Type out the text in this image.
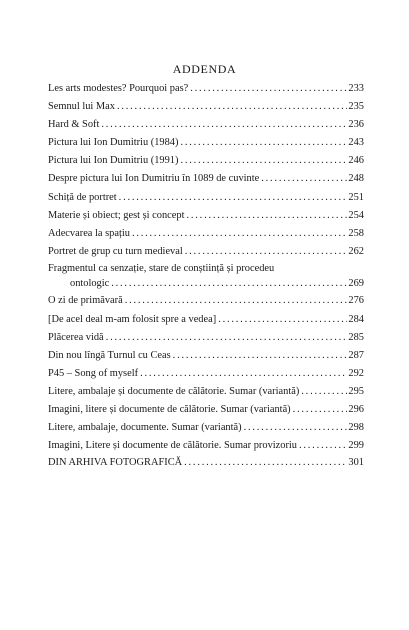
ADDENDA
Les arts modestes? Pourquoi pas? . . .	233
Semnul lui Max . . .	235
Hard & Soft . . .	236
Pictura lui Ion Dumitriu (1984) . . .	243
Pictura lui Ion Dumitriu (1991) . . .	246
Despre pictura lui Ion Dumitriu în 1089 de cuvinte . . .	248
Schiță de portret . . .	251
Materie și obiect; gest și concept . . .	254
Adecvarea la spațiu . . .	258
Portret de grup cu turn medieval . . .	262
Fragmentul ca senzație, stare de conștiință și procedeu
ontologic . . .	269
O zi de primăvară . . .	276
[De acel deal m-am folosit spre a vedea] . . .	284
Plăcerea vidă . . .	285
Din nou lîngă Turnul cu Ceas . . .	287
P45 – Song of myself . . .	292
Litere, ambalaje și documente de călătorie. Sumar (variantă) . . .	295
Imagini, litere și documente de călătorie. Sumar (variantă) . . .	296
Litere, ambalaje, documente. Sumar (variantă) . . .	298
Imagini, Litere și documente de călătorie. Sumar provizoriu . . .	299
DIN ARHIVA FOTOGRAFICĂ . . .	301
